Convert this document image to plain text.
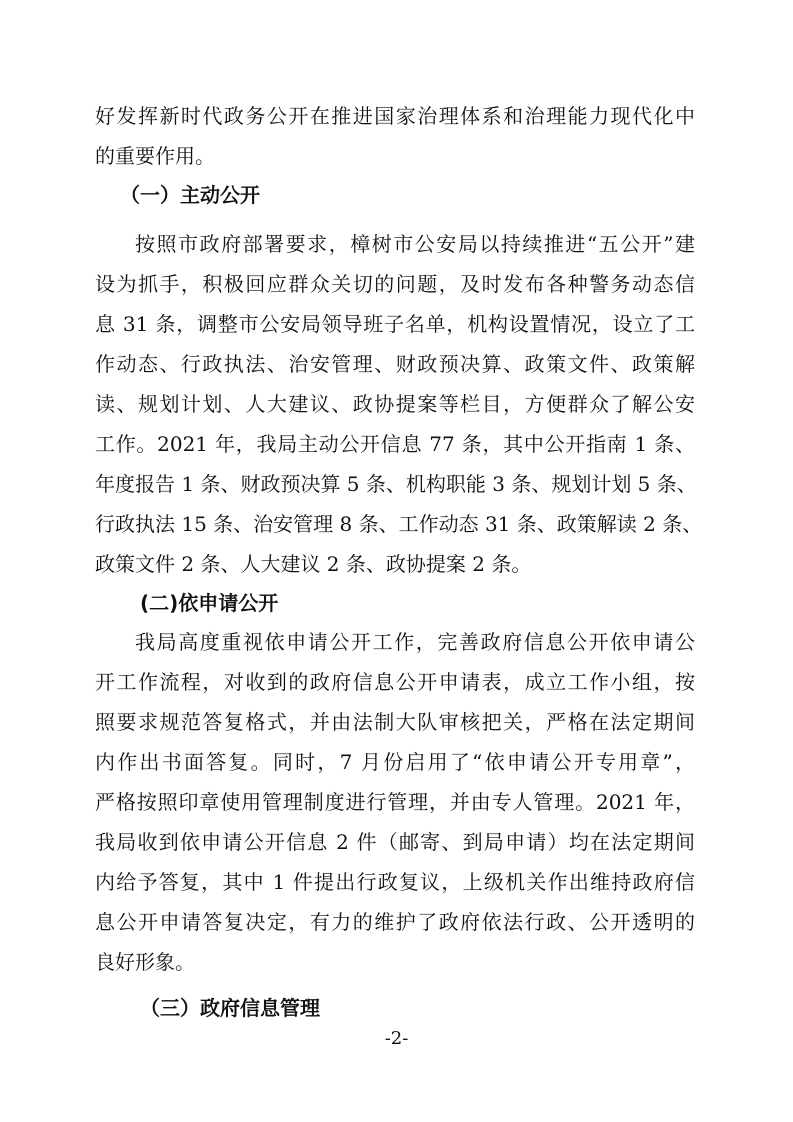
好发挥新时代政务公开在推进国家治理体系和治理能力现代化中
的重要作用。
（一）主动公开
按照市政府部署要求，樟树市公安局以持续推进“五公开”建
设为抓手，积极回应群众关切的问题，及时发布各种警务动态信
息 31 条，调整市公安局领导班子名单，机构设置情况，设立了工
作动态、行政执法、治安管理、财政预决算、政策文件、政策解
读、规划计划、人大建议、政协提案等栏目，方便群众了解公安
工作。2021 年，我局主动公开信息 77 条，其中公开指南 1 条、
年度报告 1 条、财政预决算 5 条、机构职能 3 条、规划计划 5 条、
行政执法 15 条、治安管理 8 条、工作动态 31 条、政策解读 2 条、
政策文件 2 条、人大建议 2 条、政协提案 2 条。
(二)依申请公开
我局高度重视依申请公开工作，完善政府信息公开依申请公
开工作流程，对收到的政府信息公开申请表，成立工作小组，按
照要求规范答复格式，并由法制大队审核把关，严格在法定期间
内作出书面答复。同时，7 月份启用了“依申请公开专用章”，
严格按照印章使用管理制度进行管理，并由专人管理。2021 年，
我局收到依申请公开信息 2 件（邮寄、到局申请）均在法定期间
内给予答复，其中 1 件提出行政复议，上级机关作出维持政府信
息公开申请答复决定，有力的维护了政府依法行政、公开透明的
良好形象。
（三）政府信息管理
-2-
